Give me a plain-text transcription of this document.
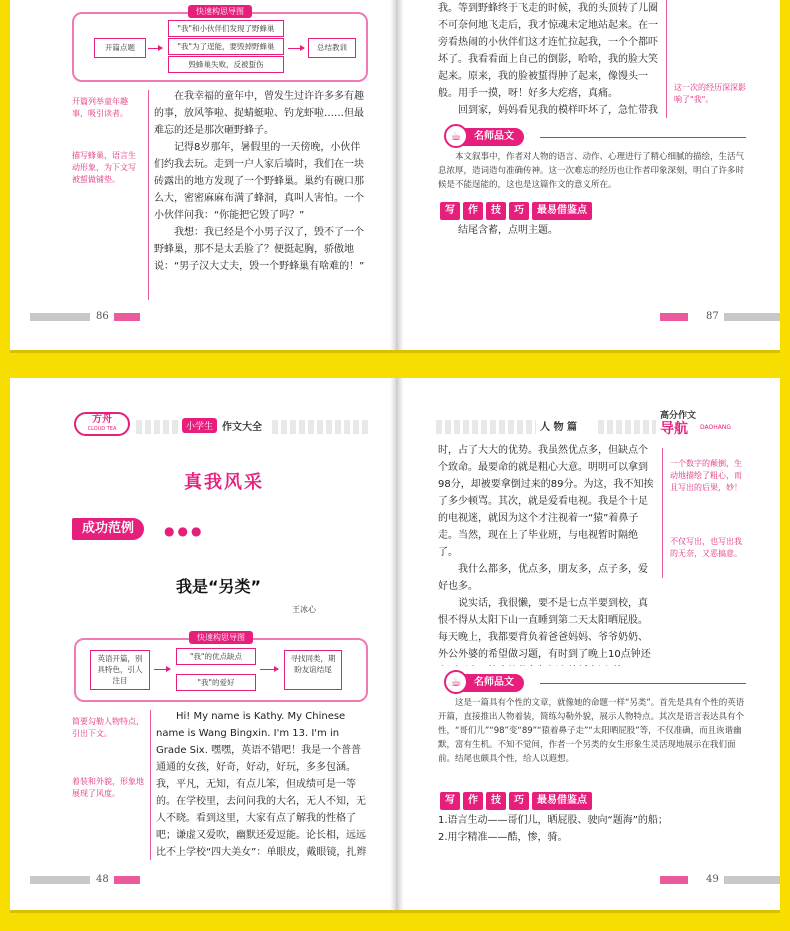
快速构思导图
开篇点题
"我"和小伙伴们发现了野蜂巢
"我"为了逞能，要毁掉野蜂巢
毁蜂巢失败，反被蜇伤
总结教训
开篇列举童年趣事，吸引读者。
描写蜂巢，语言生动形象，为下文写被蜇做铺垫。

　　在我幸福的童年中，曾发生过许许多多有趣的事，放风筝啦、捉蜻蜓啦、钓龙虾啦……但最难忘的还是那次砸野蜂子。

　　记得8岁那年，暑假里的一天傍晚，小伙伴们约我去玩。走到一户人家后墙时，我们在一块砖露出的地方发现了一个野蜂巢。巢约有碗口那么大，密密麻麻布满了蜂洞，真叫人害怕。一个小伙伴问我：“你能把它毁了吗？”

　　我想：我已经是个小男子汉了，毁不了一个野蜂巢，那不是太丢脸了？便挺起胸，骄傲地说：“男子汉大丈夫，毁一个野蜂巢有啥难的！”

86

我。等到野蜂终于飞走的时候，我的头顶转了儿圈不可奈何地飞走后，我才惊魂未定地站起来。在一旁看热闹的小伙伴们这才连忙拉起我，一个个都吓坏了。我看看面上自己的倒影，哈哈，我的脸大笑起来。原来，我的脸被蜇得肿了起来，像馒头一般。用手一摸，呀！好多大疙瘩，真痛。

　　回到家，妈妈看见我的模样吓坏了，急忙带我

这一次的经历深深影响了"我"。
☕	名师品文
　　本文叙事中，作者对人物的语言、动作、心理进行了精心细腻的描绘，生活气息浓厚，造词造句准确传神。这一次难忘的经历也让作者印象深刻，明白了许多时候是不能逞能的，这也是这篇作文的意义所在。
写 作 技 巧 最易借鉴点
　　结尾含蓄，点明主题。
87
方舟
CLOUD TEA	小学生 作文大全
真我风采
成功范例	●●●
我是“另类”
王冰心
快速构思导图
英语开篇，别具特色，引人注目
"我"的优点缺点
"我"的爱好
寻找同类，期盼友谊结尾
简要勾勒人物特点，引出下文。
着装和外貌，形象地展现了风度。

　　Hi! My name is Kathy. My Chinese name is Wang Bingxin. I'm 13. I'm in Grade Six. 嘿嘿，英语不错吧！我是一个普普通通的女孩，好奇，好动，好玩，多多包涵。我，平凡，无知，有点儿笨，但成绩可是一等的。在学校里，去问问我的大名，无人不知，无人不晓。看到这里，大家有点了解我的性格了吧；谦虚又爱吹，幽默还爱逗能。论长相，远远比不上学校“四大美女”：单眼皮，戴眼镜，扎辫

48
人 物 篇
高分作文
导航 DAOHANG

时，占了大大的优势。我虽然优点多，但缺点个个致命。最要命的就是粗心大意。明明可以拿到98分，却被要拿倒过来的89分。为这，我不知挨了多少顿骂。其次，就是爱看电视。我是个十足的电视迷，就因为这个才注视着一“猿”着鼻子走。当然，现在上了毕业班，与电视暂时隔绝了。

　　我什么都多，优点多，朋友多，点子多，爱好也多。

　　说实话，我很懒，要不是七点半要到校，真恨不得从太阳下山一直睡到第二天太阳晒屁股。每天晚上，我都要背负着爸爸妈妈、爷爷奶奶、外公外婆的希望做习题，有时到了晚上10点钟还

一个数字的颠倒，生动地描绘了粗心，而且写出的后果，妙！
不仅写出，也写出我的无奈，又恶搞意。
☕	名师品文
　　这是一篇具有个性的文章，就像她的命题一样“另类”。首先是具有个性的英语开篇，直接推出人物着装，简练勾勒外貌，展示人物特点。其次是语言表达具有个性，“哥们儿”“98”变“89”“猿着鼻子走”“太阳晒屁股”等，不仅准确，而且诙谐幽默，富有生机。不知不觉间，作者一个另类的女生形象生灵活现地展示在我们面前。结尾也颇具个性，给人以遐想。
写 作 技 巧 最易借鉴点

1.语言生动——哥们儿，晒屁股、驶向“题海”的船；

2.用字精准——酷，惨，骑。

49
